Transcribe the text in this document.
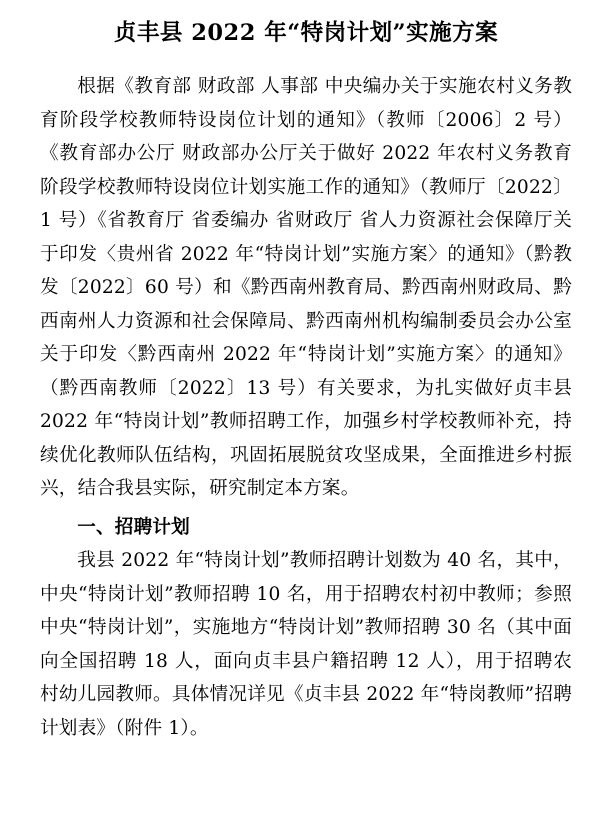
贞丰县 2022 年“特岗计划”实施方案

根据《教育部 财政部 人事部 中央编办关于实施农村义务教育阶段学校教师特设岗位计划的通知》（教师〔2006〕2 号）《教育部办公厅 财政部办公厅关于做好 2022 年农村义务教育阶段学校教师特设岗位计划实施工作的通知》（教师厅〔2022〕1 号）《省教育厅 省委编办 省财政厅 省人力资源社会保障厅关于印发〈贵州省 2022 年“特岗计划”实施方案〉的通知》（黔教发〔2022〕60 号）和《黔西南州教育局、黔西南州财政局、黔西南州人力资源和社会保障局、黔西南州机构编制委员会办公室关于印发〈黔西南州 2022 年“特岗计划”实施方案〉的通知》（黔西南教师〔2022〕13 号）有关要求，为扎实做好贞丰县 2022 年“特岗计划”教师招聘工作，加强乡村学校教师补充，持续优化教师队伍结构，巩固拓展脱贫攻坚成果，全面推进乡村振兴，结合我县实际，研究制定本方案。

一、招聘计划

我县 2022 年“特岗计划”教师招聘计划数为 40 名，其中，中央“特岗计划”教师招聘 10 名，用于招聘农村初中教师；参照中央“特岗计划”，实施地方“特岗计划”教师招聘 30 名（其中面向全国招聘 18 人，面向贞丰县户籍招聘 12 人），用于招聘农村幼儿园教师。具体情况详见《贞丰县 2022 年“特岗教师”招聘计划表》（附件 1）。
